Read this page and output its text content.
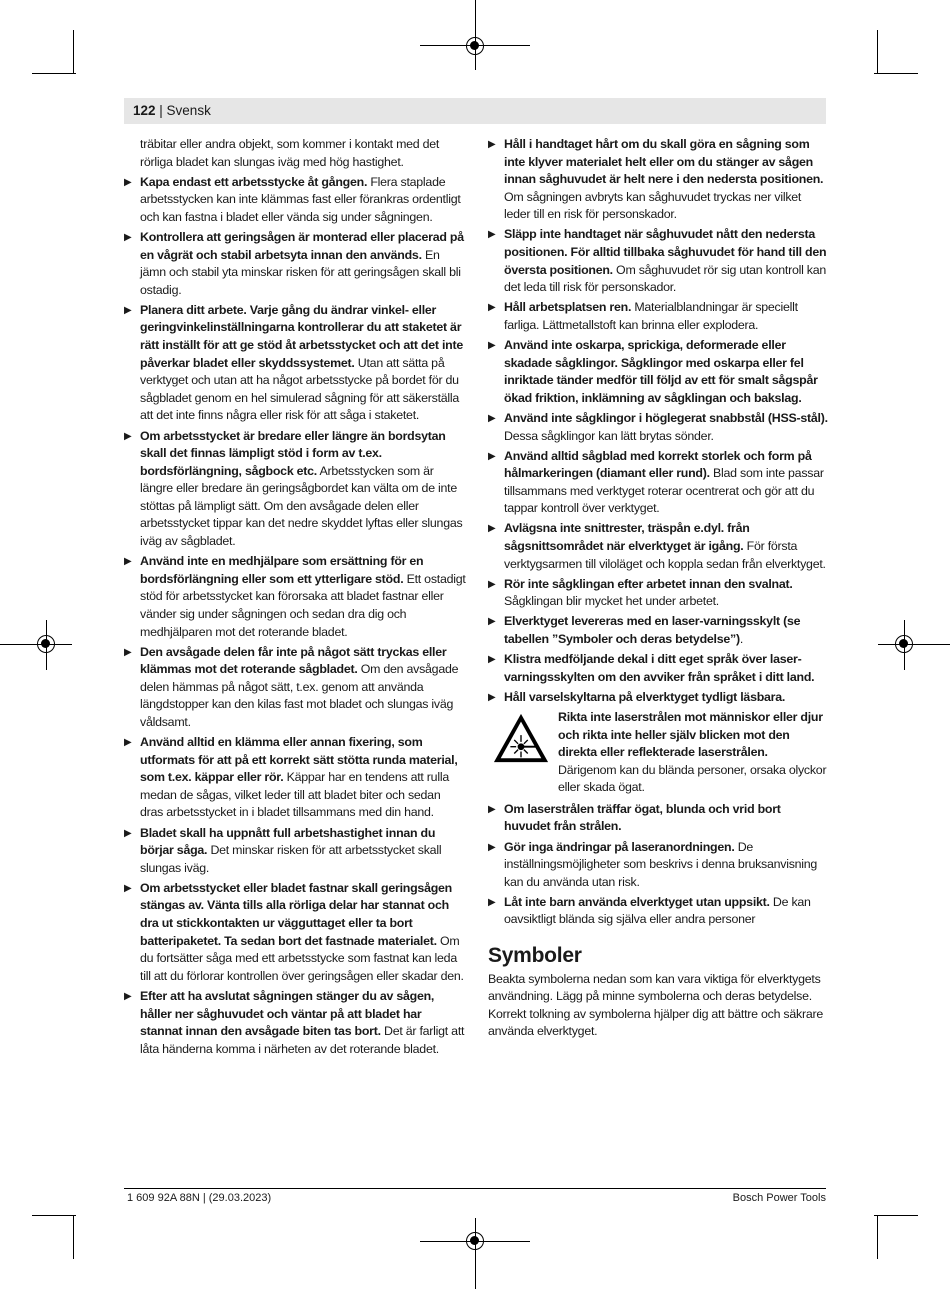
122 | Svensk
träbitar eller andra objekt, som kommer i kontakt med det rörliga bladet kan slungas iväg med hög hastighet.
▶ Kapa endast ett arbetsstycke åt gången. Flera staplade arbetsstycken kan inte klämmas fast eller förankras ordentligt och kan fastna i bladet eller vända sig under sågningen.
▶ Kontrollera att geringsågen är monterad eller placerad på en vågrät och stabil arbetsyta innan den används. En jämn och stabil yta minskar risken för att geringsågen skall bli ostadig.
▶ Planera ditt arbete. Varje gång du ändrar vinkel- eller geringvinkelinställningarna kontrollerar du att staketet är rätt inställt för att ge stöd åt arbetsstycket och att det inte påverkar bladet eller skyddssystemet. Utan att sätta på verktyget och utan att ha något arbetsstycke på bordet för du sågbladet genom en hel simulerad sågning för att säkerställa att det inte finns några eller risk för att såga i staketet.
▶ Om arbetsstycket är bredare eller längre än bordsytan skall det finnas lämpligt stöd i form av t.ex. bordsförlängning, sågbock etc. Arbetsstycken som är längre eller bredare än geringsågbordet kan välta om de inte stöttas på lämpligt sätt. Om den avsågade delen eller arbetsstycket tippar kan det nedre skyddet lyftas eller slungas iväg av sågbladet.
▶ Använd inte en medhjälpare som ersättning för en bordsförlängning eller som ett ytterligare stöd. Ett ostadigt stöd för arbetsstycket kan förorsaka att bladet fastnar eller vänder sig under sågningen och sedan dra dig och medhjälparen mot det roterande bladet.
▶ Den avsågade delen får inte på något sätt tryckas eller klämmas mot det roterande sågbladet. Om den avsågade delen hämmas på något sätt, t.ex. genom att använda längdstopper kan den kilas fast mot bladet och slungas iväg våldsamt.
▶ Använd alltid en klämma eller annan fixering, som utformats för att på ett korrekt sätt stötta runda material, som t.ex. käppar eller rör. Käppar har en tendens att rulla medan de sågas, vilket leder till att bladet biter och sedan dras arbetsstycket in i bladet tillsammans med din hand.
▶ Bladet skall ha uppnått full arbetshastighet innan du börjar såga. Det minskar risken för att arbetsstycket skall slungas iväg.
▶ Om arbetsstycket eller bladet fastnar skall geringsågen stängas av. Vänta tills alla rörliga delar har stannat och dra ut stickkontakten ur vägguttaget eller ta bort batteripaketet. Ta sedan bort det fastnade materialet. Om du fortsätter såga med ett arbetsstycke som fastnat kan leda till att du förlorar kontrollen över geringsågen eller skadar den.
▶ Efter att ha avslutat sågningen stänger du av sågen, håller ner såghuvudet och väntar på att bladet har stannat innan den avsågade biten tas bort. Det är farligt att låta händerna komma i närheten av det roterande bladet.
▶ Håll i handtaget hårt om du skall göra en sågning som inte klyver materialet helt eller om du stänger av sågen innan såghuvudet är helt nere i den nedersta positionen. Om sågningen avbryts kan såghuvudet tryckas ner vilket leder till en risk för personskador.
▶ Släpp inte handtaget när såghuvudet nått den nedersta positionen. För alltid tillbaka såghuvudet för hand till den översta positionen. Om såghuvudet rör sig utan kontroll kan det leda till risk för personskador.
▶ Håll arbetsplatsen ren. Materialblandningar är speciellt farliga. Lättmetallstoft kan brinna eller explodera.
▶ Använd inte oskarpa, sprickiga, deformerade eller skadade sågklingor. Sågklingor med oskarpa eller fel inriktade tänder medför till följd av ett för smalt sågspår ökad friktion, inklämning av sågklingan och bakslag.
▶ Använd inte sågklingor i höglegerat snabbstål (HSS-stål). Dessa sågklingor kan lätt brytas sönder.
▶ Använd alltid sågblad med korrekt storlek och form på hålmarkeringen (diamant eller rund). Blad som inte passar tillsammans med verktyget roterar ocentrerat och gör att du tappar kontroll över verktyget.
▶ Avlägsna inte snittrester, träspån e.dyl. från sågsnittsområdet när elverktyget är igång. För första verktygsarmen till viloläget och koppla sedan från elverktyget.
▶ Rör inte sågklingan efter arbetet innan den svalnat. Sågklingan blir mycket het under arbetet.
▶ Elverktyget levereras med en laser-varningsskylt (se tabellen ”Symboler och deras betydelse”).
▶ Klistra medföljande dekal i ditt eget språk över laser-varningsskylten om den avviker från språket i ditt land.
▶ Håll varselskyltarna på elverktyget tydligt läsbara.
Rikta inte laserstrålen mot människor eller djur och rikta inte heller själv blicken mot den direkta eller reflekterade laserstrålen. Därigenom kan du blända personer, orsaka olyckor eller skada ögat.
▶ Om laserstrålen träffar ögat, blunda och vrid bort huvudet från strålen.
▶ Gör inga ändringar på laseranordningen. De inställningsmöjligheter som beskrivs i denna bruksanvisning kan du använda utan risk.
▶ Låt inte barn använda elverktyget utan uppsikt. De kan oavsiktligt blända sig själva eller andra personer
Symboler

Beakta symbolerna nedan som kan vara viktiga för elverktygets användning. Lägg på minne symbolerna och deras betydelse. Korrekt tolkning av symbolerna hjälper dig att bättre och säkrare använda elverktyget.

1 609 92A 88N | (29.03.2023)	Bosch Power Tools
